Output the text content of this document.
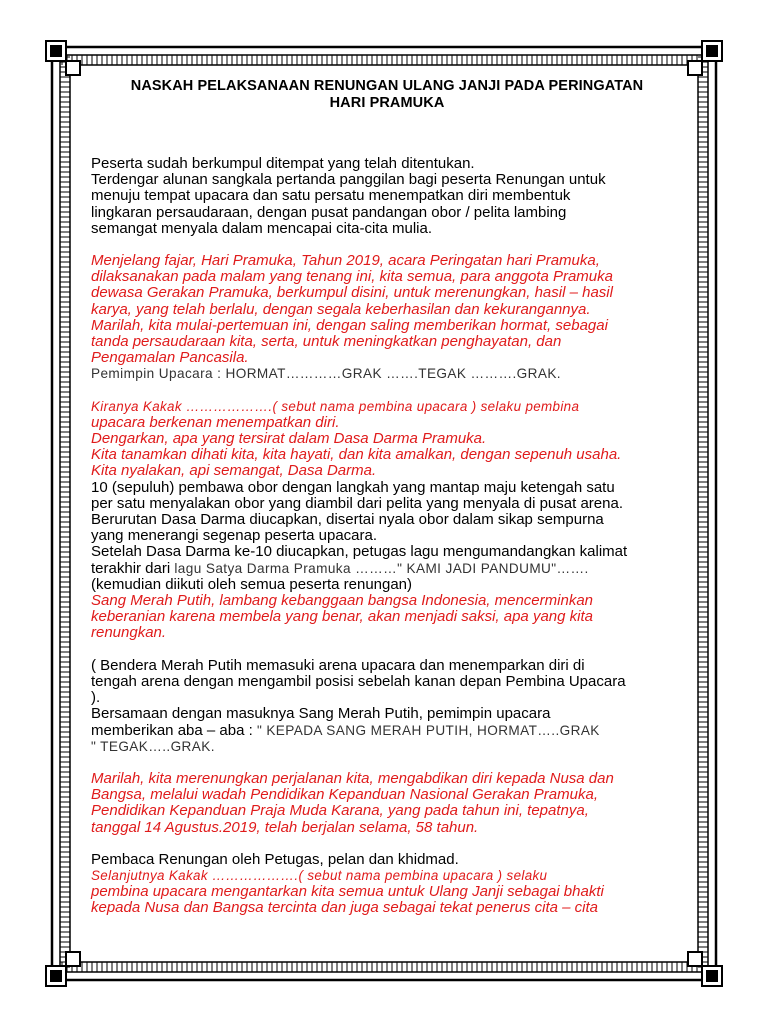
NASKAH PELAKSANAAN RENUNGAN ULANG JANJI PADA PERINGATAN
HARI PRAMUKA

Peserta sudah berkumpul ditempat yang telah ditentukan.

Terdengar alunan sangkala pertanda panggilan bagi peserta Renungan untuk

menuju tempat upacara dan satu persatu menempatkan diri membentuk

lingkaran persaudaraan, dengan pusat pandangan obor / pelita lambing

semangat menyala dalam mencapai cita-cita mulia.

Menjelang fajar, Hari Pramuka, Tahun 2019, acara Peringatan hari Pramuka,

dilaksanakan pada malam yang tenang ini, kita semua, para anggota Pramuka

dewasa Gerakan Pramuka, berkumpul disini, untuk merenungkan, hasil – hasil

karya, yang telah berlalu, dengan segala keberhasilan dan kekurangannya.

Marilah, kita mulai-pertemuan ini, dengan saling memberikan hormat, sebagai

tanda persaudaraan kita, serta, untuk meningkatkan penghayatan, dan

Pengamalan Pancasila.

Pemimpin Upacara : HORMAT…………GRAK …….TEGAK ……….GRAK.

Kiranya Kakak ……………….( sebut nama pembina upacara ) selaku pembina

upacara berkenan menempatkan diri.

Dengarkan, apa yang tersirat dalam Dasa Darma Pramuka.

Kita tanamkan dihati kita, kita hayati, dan kita amalkan, dengan sepenuh usaha.

Kita nyalakan, api semangat, Dasa Darma.

10 (sepuluh) pembawa obor dengan langkah yang mantap maju ketengah satu

per satu menyalakan obor yang diambil dari pelita yang menyala di pusat arena.

Berurutan Dasa Darma diucapkan, disertai nyala obor dalam sikap sempurna

yang menerangi segenap peserta upacara.

Setelah Dasa Darma ke-10 diucapkan, petugas lagu mengumandangkan kalimat

terakhir dari lagu Satya Darma Pramuka ………" KAMI JADI PANDUMU"…….

(kemudian diikuti oleh semua peserta renungan)

Sang Merah Putih, lambang kebanggaan bangsa Indonesia, mencerminkan

keberanian karena membela yang benar, akan menjadi saksi, apa yang kita

renungkan.

( Bendera Merah Putih memasuki arena upacara dan menemparkan diri di

tengah arena dengan mengambil posisi sebelah kanan depan Pembina Upacara

).

Bersamaan dengan masuknya Sang Merah Putih, pemimpin upacara

memberikan aba – aba : " KEPADA SANG MERAH PUTIH, HORMAT…..GRAK

" TEGAK…..GRAK.

Marilah, kita merenungkan perjalanan kita, mengabdikan diri kepada Nusa dan

Bangsa, melalui wadah Pendidikan Kepanduan Nasional Gerakan Pramuka,

Pendidikan Kepanduan Praja Muda Karana, yang pada tahun ini, tepatnya,

tanggal 14 Agustus.2019, telah berjalan selama, 58 tahun.

Pembaca Renungan oleh Petugas, pelan dan khidmad.

Selanjutnya Kakak ……………….( sebut nama pembina upacara ) selaku

pembina upacara mengantarkan kita semua untuk Ulang Janji sebagai bhakti

kepada Nusa dan Bangsa tercinta dan juga sebagai tekat penerus cita – cita
